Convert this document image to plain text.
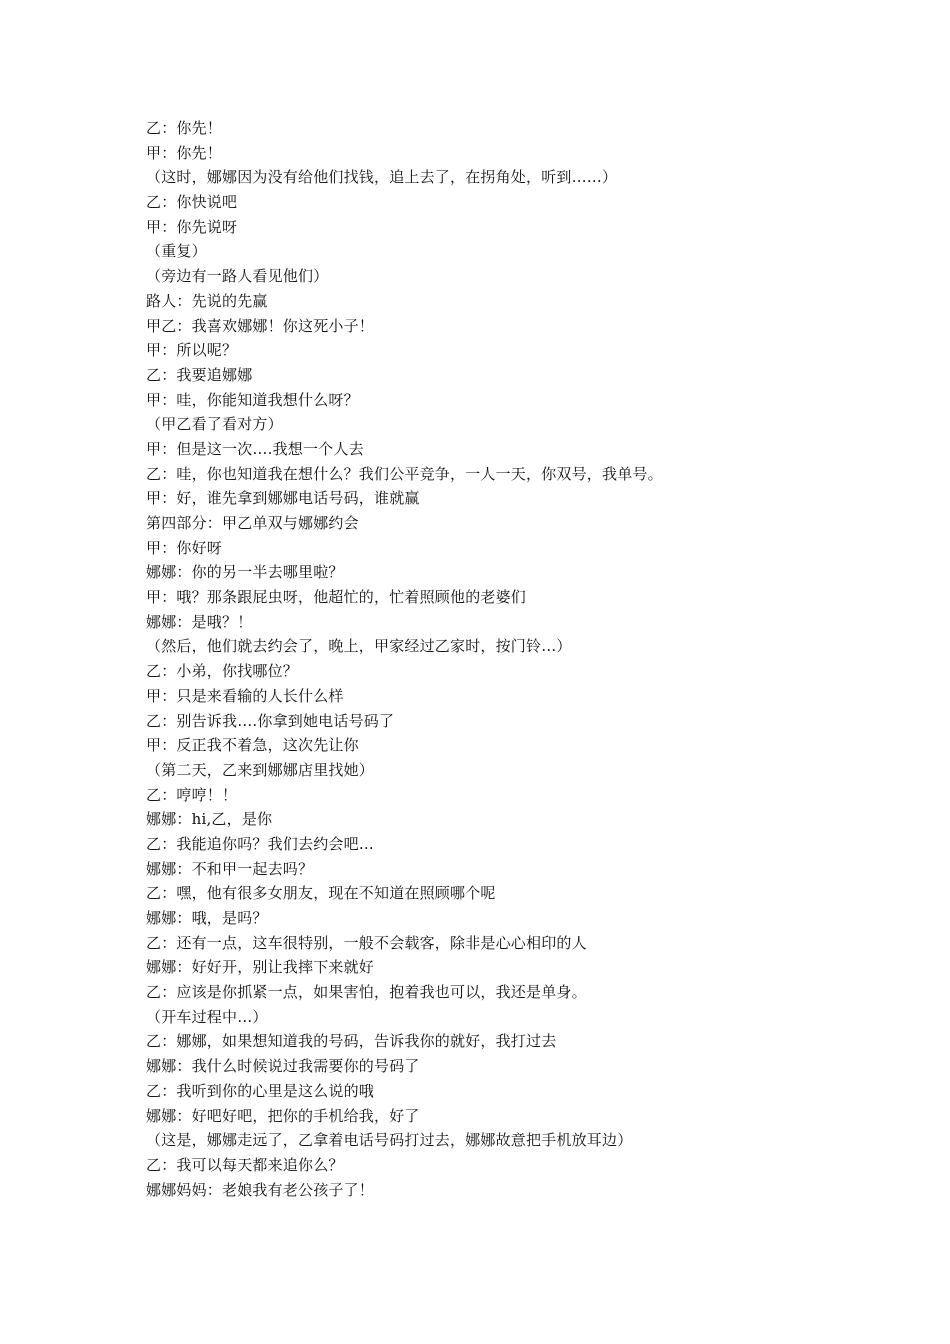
乙：你先！
甲：你先！
（这时，娜娜因为没有给他们找钱，追上去了，在拐角处，听到……）
乙：你快说吧
甲：你先说呀
（重复）
（旁边有一路人看见他们）
路人：先说的先赢
甲乙：我喜欢娜娜！你这死小子！
甲：所以呢？
乙：我要追娜娜
甲：哇，你能知道我想什么呀？
（甲乙看了看对方）
甲：但是这一次….我想一个人去
乙：哇，你也知道我在想什么？我们公平竞争，一人一天，你双号，我单号。
甲：好，谁先拿到娜娜电话号码，谁就赢
第四部分：甲乙单双与娜娜约会
甲：你好呀
娜娜：你的另一半去哪里啦？
甲：哦？那条跟屁虫呀，他超忙的，忙着照顾他的老婆们
娜娜：是哦？！
（然后，他们就去约会了，晚上，甲家经过乙家时，按门铃…）
乙：小弟，你找哪位？
甲：只是来看输的人长什么样
乙：别告诉我….你拿到她电话号码了
甲：反正我不着急，这次先让你
（第二天，乙来到娜娜店里找她）
乙：哼哼！！
娜娜：hi,乙，是你
乙：我能追你吗？我们去约会吧…
娜娜：不和甲一起去吗？
乙：嘿，他有很多女朋友，现在不知道在照顾哪个呢
娜娜：哦，是吗？
乙：还有一点，这车很特别，一般不会载客，除非是心心相印的人
娜娜：好好开，别让我摔下来就好
乙：应该是你抓紧一点，如果害怕，抱着我也可以，我还是单身。
（开车过程中…）
乙：娜娜，如果想知道我的号码，告诉我你的就好，我打过去
娜娜：我什么时候说过我需要你的号码了
乙：我听到你的心里是这么说的哦
娜娜：好吧好吧，把你的手机给我，好了
（这是，娜娜走远了，乙拿着电话号码打过去，娜娜故意把手机放耳边）
乙：我可以每天都来追你么？
娜娜妈妈：老娘我有老公孩子了！
